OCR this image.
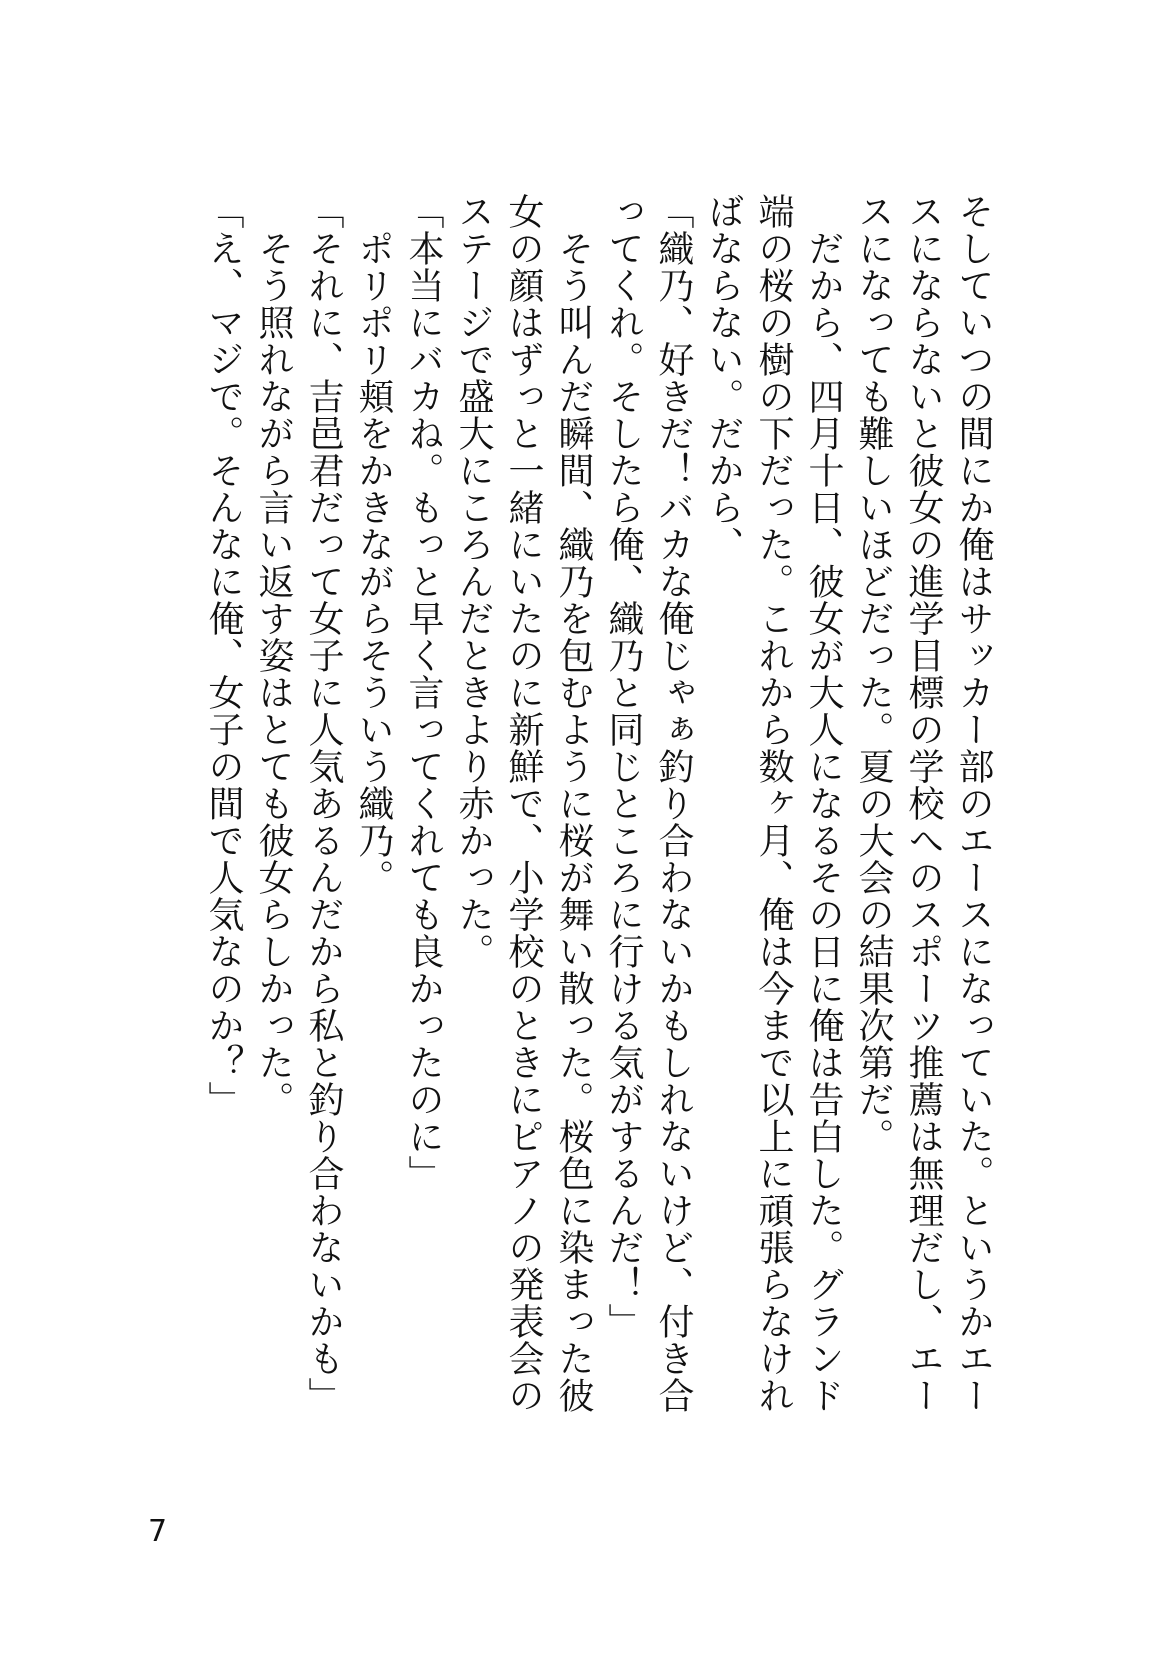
そしていつの間にか俺はサッカー部のエースになっていた。というかエー
スにならないと彼女の進学目標の学校へのスポーツ推薦は無理だし、エー
スになっても難しいほどだった。夏の大会の結果次第だ。
　だから、四月十日、彼女が大人になるその日に俺は告白した。グランド
端の桜の樹の下だった。これから数ヶ月、俺は今まで以上に頑張らなけれ
ばならない。だから、
「織乃、好きだ！バカな俺じゃぁ釣り合わないかもしれないけど、付き合
ってくれ。そしたら俺、織乃と同じところに行ける気がするんだ！」
　そう叫んだ瞬間、織乃を包むように桜が舞い散った。桜色に染まった彼
女の顔はずっと一緒にいたのに新鮮で、小学校のときにピアノの発表会の
ステージで盛大にころんだときより赤かった。
「本当にバカね。もっと早く言ってくれても良かったのに」
　ポリポリ頬をかきながらそういう織乃。
「それに、吉邑君だって女子に人気あるんだから私と釣り合わないかも」
　そう照れながら言い返す姿はとても彼女らしかった。
「え、マジで。そんなに俺、女子の間で人気なのか？」
7
